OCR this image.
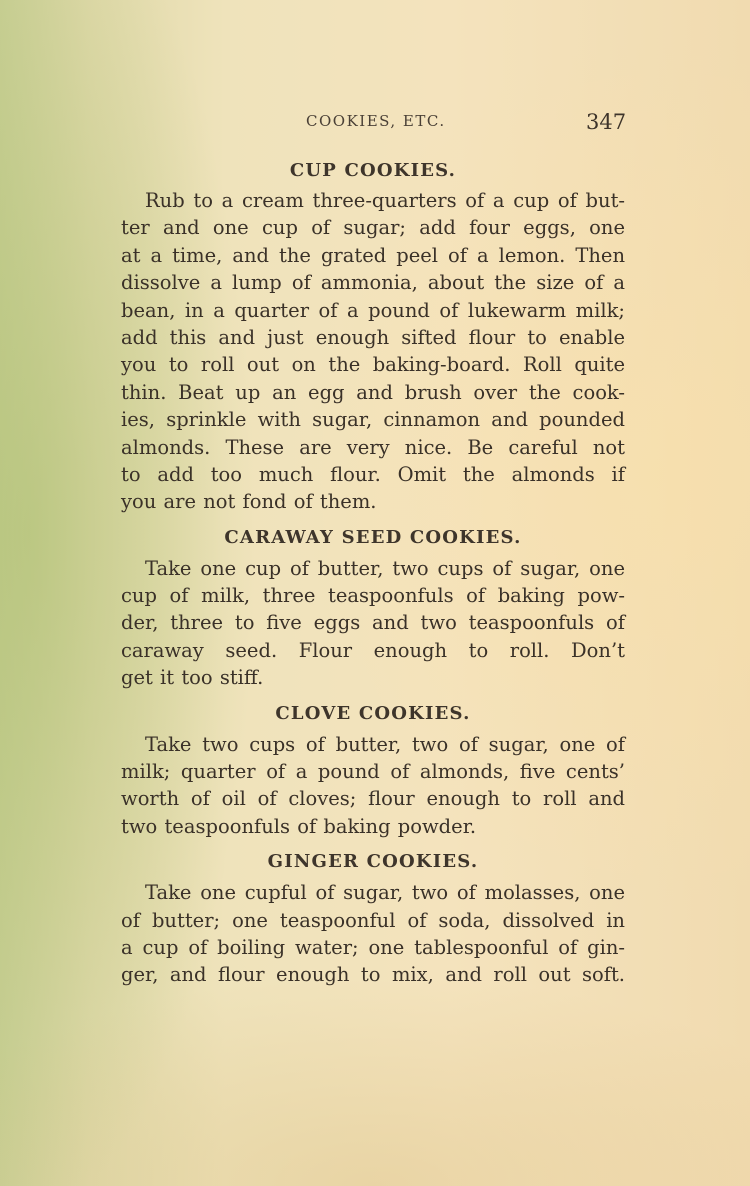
COOKIES, ETC.	347
CUP COOKIES.
Rub to a cream three-quarters of a cup of but-
ter and one cup of sugar; add four eggs, one
at a time, and the grated peel of a lemon. Then
dissolve a lump of ammonia, about the size of a
bean, in a quarter of a pound of lukewarm milk;
add this and just enough sifted flour to enable
you to roll out on the baking-board. Roll quite
thin. Beat up an egg and brush over the cook-
ies, sprinkle with sugar, cinnamon and pounded
almonds. These are very nice. Be careful not
to add too much flour. Omit the almonds if
you are not fond of them.
CARAWAY SEED COOKIES.
Take one cup of butter, two cups of sugar, one
cup of milk, three teaspoonfuls of baking pow-
der, three to five eggs and two teaspoonfuls of
caraway seed. Flour enough to roll. Don’t
get it too stiff.
CLOVE COOKIES.
Take two cups of butter, two of sugar, one of
milk; quarter of a pound of almonds, five cents’
worth of oil of cloves; flour enough to roll and
two teaspoonfuls of baking powder.
GINGER COOKIES.
Take one cupful of sugar, two of molasses, one
of butter; one teaspoonful of soda, dissolved in
a cup of boiling water; one tablespoonful of gin-
ger, and flour enough to mix, and roll out soft.
